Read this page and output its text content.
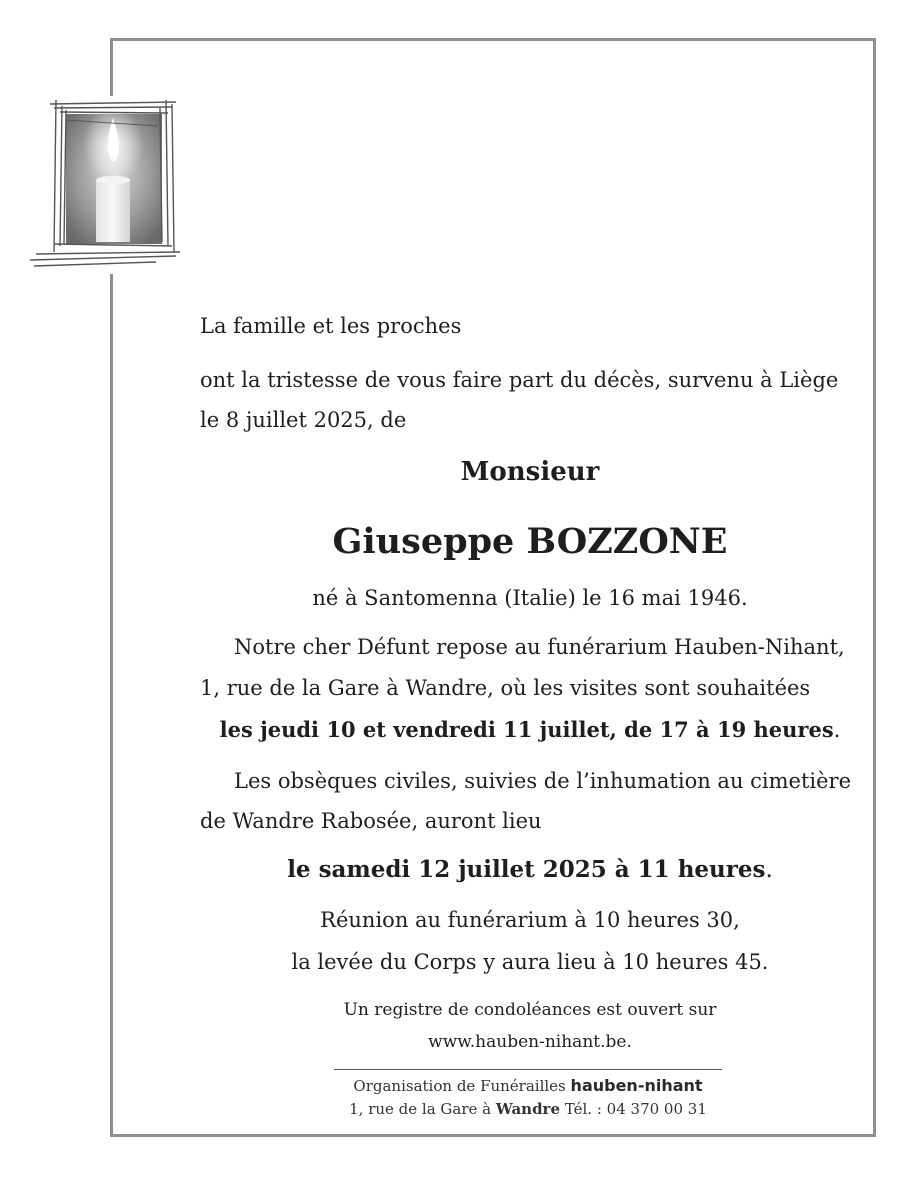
La famille et les proches
ont la tristesse de vous faire part du décès, survenu à Liège
le 8 juillet 2025, de
Monsieur
Giuseppe BOZZONE
né à Santomenna (Italie) le 16 mai 1946.
Notre cher Défunt repose au funérarium Hauben-Nihant,
1, rue de la Gare à Wandre, où les visites sont souhaitées
les jeudi 10 et vendredi 11 juillet, de 17 à 19 heures.
Les obsèques civiles, suivies de l’inhumation au cimetière
de Wandre Rabosée, auront lieu
le samedi 12 juillet 2025 à 11 heures.
Réunion au funérarium à 10 heures 30,
la levée du Corps y aura lieu à 10 heures 45.
Un registre de condoléances est ouvert sur
www.hauben-nihant.be.
Organisation de Funérailles hauben-nihant
1, rue de la Gare à Wandre Tél. : 04 370 00 31
